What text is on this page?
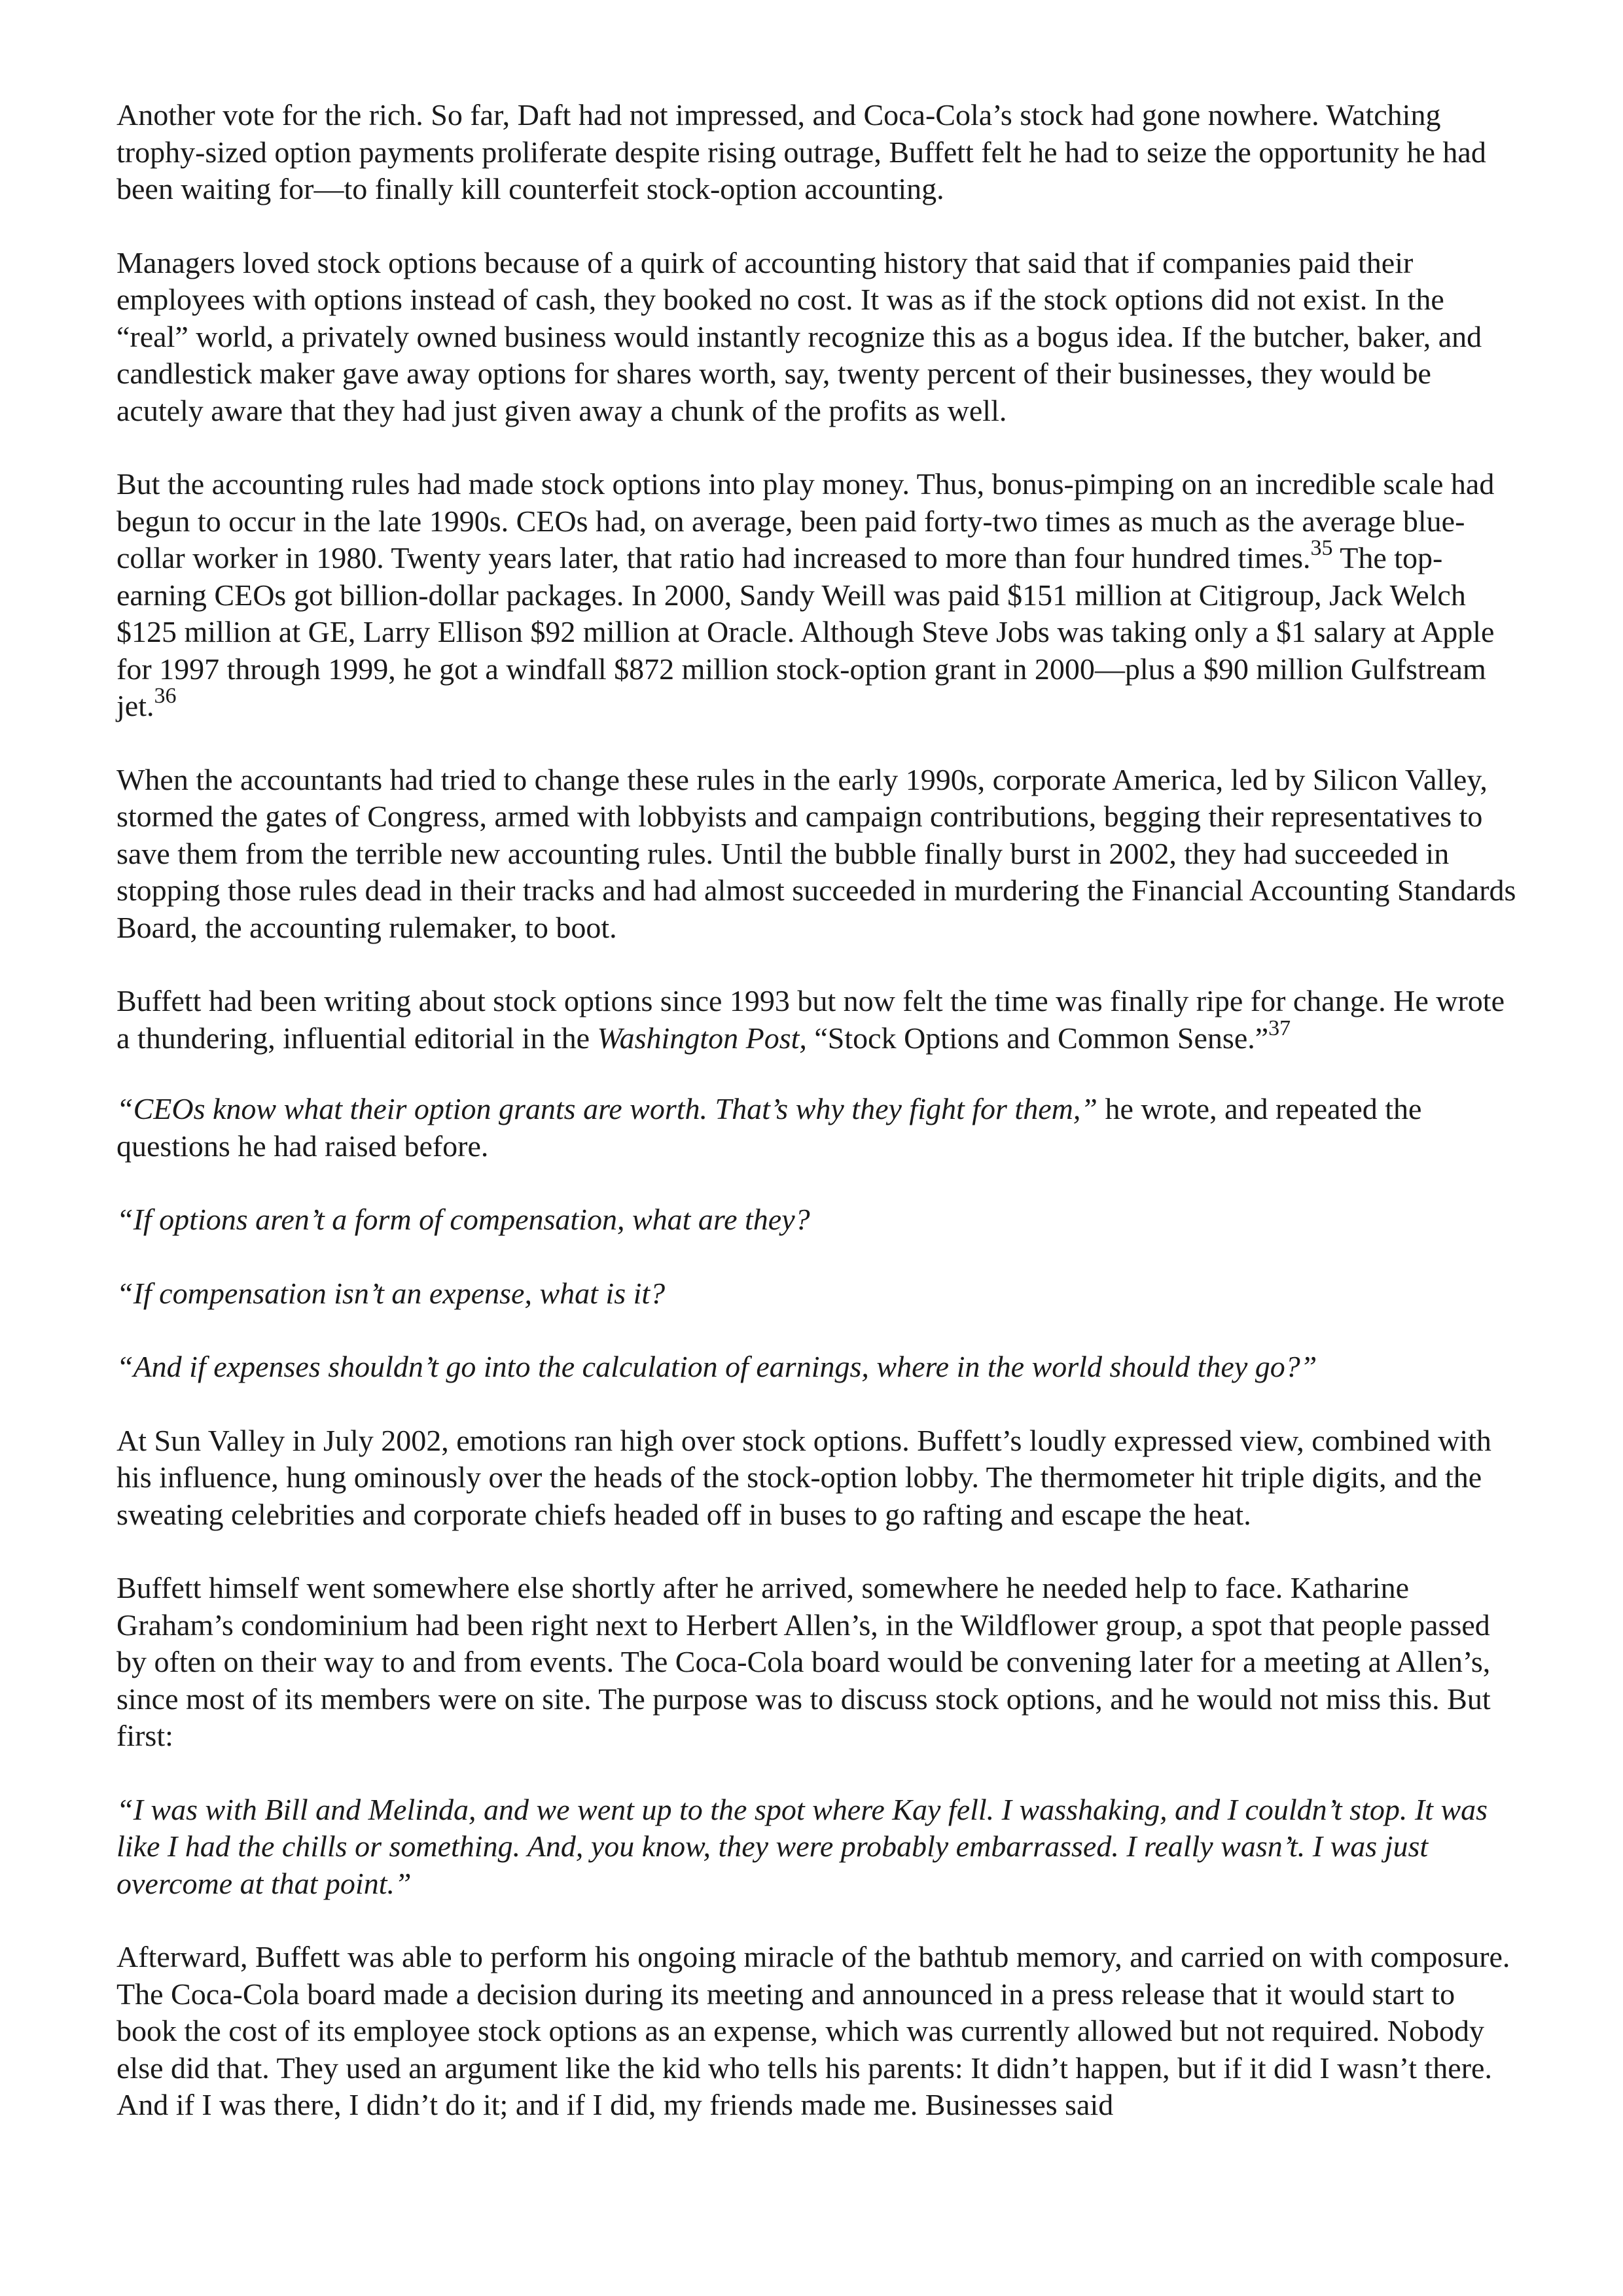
Another vote for the rich. So far, Daft had not impressed, and Coca-Cola’s stock had gone nowhere. Watching trophy-sized option payments proliferate despite rising outrage, Buffett felt he had to seize the opportunity he had been waiting for—to finally kill counterfeit stock-option accounting.

Managers loved stock options because of a quirk of accounting history that said that if companies paid their employees with options instead of cash, they booked no cost. It was as if the stock options did not exist. In the “real” world, a privately owned business would instantly recognize this as a bogus idea. If the butcher, baker, and candlestick maker gave away options for shares worth, say, twenty percent of their businesses, they would be acutely aware that they had just given away a chunk of the profits as well.

But the accounting rules had made stock options into play money. Thus, bonus-pimping on an incredible scale had begun to occur in the late 1990s. CEOs had, on average, been paid forty-two times as much as the average blue-collar worker in 1980. Twenty years later, that ratio had increased to more than four hundred times.$^{35}$ The top-earning CEOs got billion-dollar packages. In 2000, Sandy Weill was paid $151 million at Citigroup, Jack Welch $125 million at GE, Larry Ellison $92 million at Oracle. Although Steve Jobs was taking only a $1 salary at Apple for 1997 through 1999, he got a windfall $872 million stock-option grant in 2000—plus a $90 million Gulfstream jet.$^{36}$

When the accountants had tried to change these rules in the early 1990s, corporate America, led by Silicon Valley, stormed the gates of Congress, armed with lobbyists and campaign contributions, begging their representatives to save them from the terrible new accounting rules. Until the bubble finally burst in 2002, they had succeeded in stopping those rules dead in their tracks and had almost succeeded in murdering the Financial Accounting Standards Board, the accounting rulemaker, to boot.

Buffett had been writing about stock options since 1993 but now felt the time was finally ripe for change. He wrote a thundering, influential editorial in the Washington Post, “Stock Options and Common Sense.”$^{37}$

“CEOs know what their option grants are worth. That’s why they fight for them,” he wrote, and repeated the questions he had raised before.

“If options aren’t a form of compensation, what are they?

“If compensation isn’t an expense, what is it?

“And if expenses shouldn’t go into the calculation of earnings, where in the world should they go?”

At Sun Valley in July 2002, emotions ran high over stock options. Buffett’s loudly expressed view, combined with his influence, hung ominously over the heads of the stock-option lobby. The thermometer hit triple digits, and the sweating celebrities and corporate chiefs headed off in buses to go rafting and escape the heat.

Buffett himself went somewhere else shortly after he arrived, somewhere he needed help to face. Katharine Graham’s condominium had been right next to Herbert Allen’s, in the Wildflower group, a spot that people passed by often on their way to and from events. The Coca-Cola board would be convening later for a meeting at Allen’s, since most of its members were on site. The purpose was to discuss stock options, and he would not miss this. But first:

“I was with Bill and Melinda, and we went up to the spot where Kay fell. I wasshaking, and I couldn’t stop. It was like I had the chills or something. And, you know, they were probably embarrassed. I really wasn’t. I was just overcome at that point.”

Afterward, Buffett was able to perform his ongoing miracle of the bathtub memory, and carried on with composure. The Coca-Cola board made a decision during its meeting and announced in a press release that it would start to book the cost of its employee stock options as an expense, which was currently allowed but not required. Nobody else did that. They used an argument like the kid who tells his parents: It didn’t happen, but if it did I wasn’t there. And if I was there, I didn’t do it; and if I did, my friends made me. Businesses said
